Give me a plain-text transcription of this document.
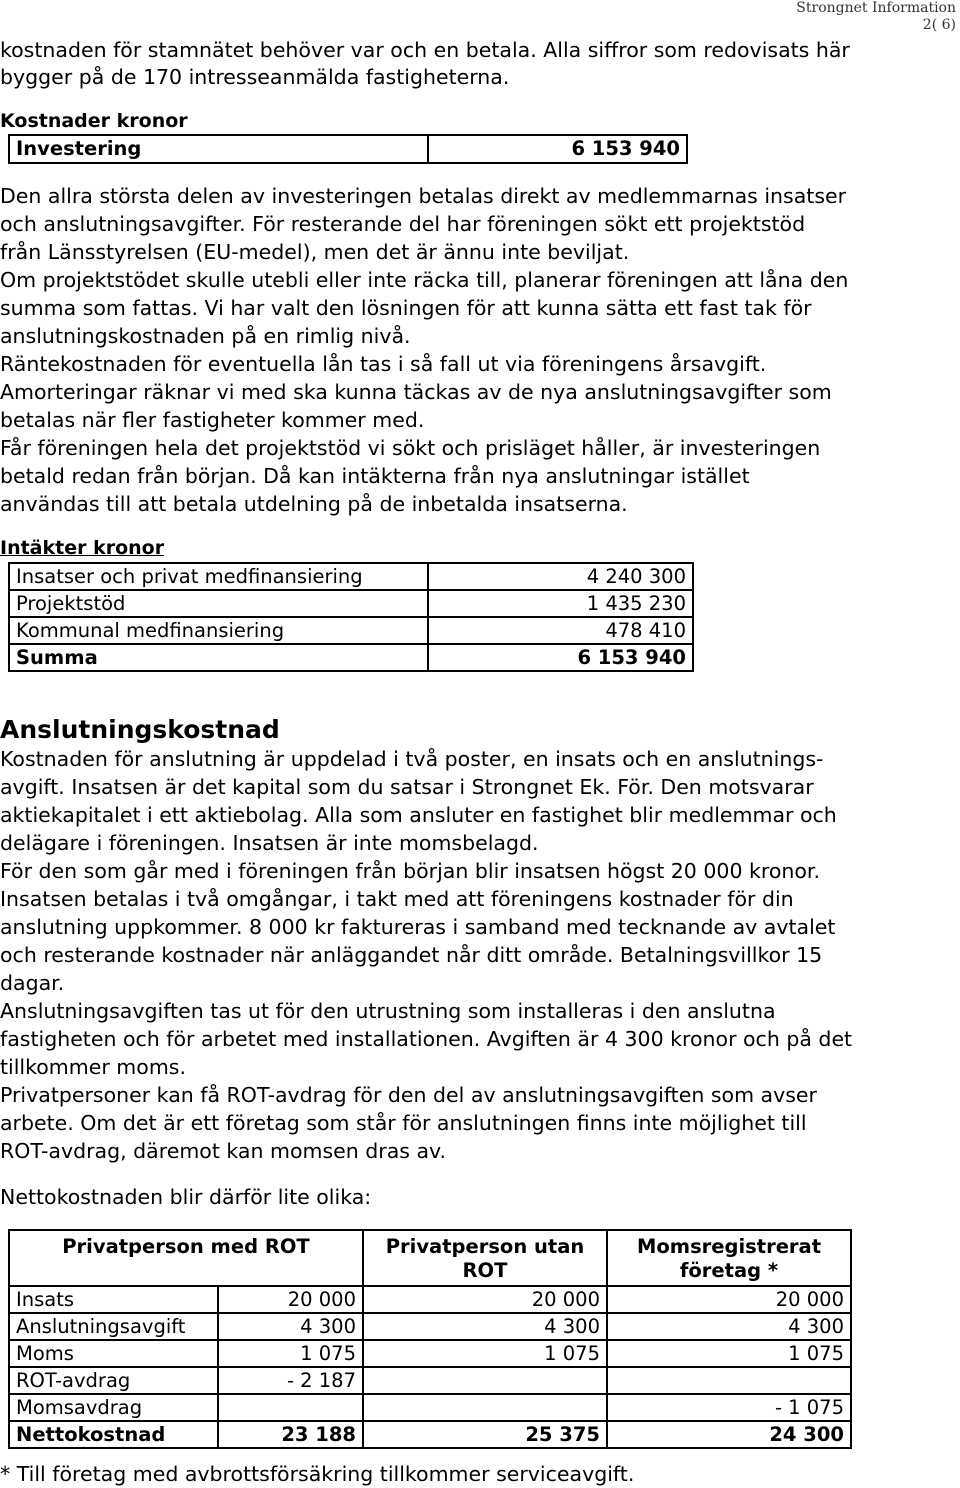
Strongnet Information
2( 6)

kostnaden för stamnätet behöver var och en betala. Alla siffror som redovisats här

bygger på de 170 intresseanmälda fastigheterna.

Kostnader kronor
Investering	6 153 940

Den allra största delen av investeringen betalas direkt av medlemmarnas insatser

och anslutningsavgifter. För resterande del har föreningen sökt ett projektstöd

från Länsstyrelsen (EU-medel), men det är ännu inte beviljat.

Om projektstödet skulle utebli eller inte räcka till, planerar föreningen att låna den

summa som fattas. Vi har valt den lösningen för att kunna sätta ett fast tak för

anslutningskostnaden på en rimlig nivå.

Räntekostnaden för eventuella lån tas i så fall ut via föreningens årsavgift.

Amorteringar räknar vi med ska kunna täckas av de nya anslutningsavgifter som

betalas när fler fastigheter kommer med.

Får föreningen hela det projektstöd vi sökt och prisläget håller, är investeringen

betald redan från början. Då kan intäkterna från nya anslutningar istället

användas till att betala utdelning på de inbetalda insatserna.

Intäkter kronor
Insatser och privat medfinansiering	4 240 300
Projektstöd	1 435 230
Kommunal medfinansiering	478 410
Summa	6 153 940
Anslutningskostnad

Kostnaden för anslutning är uppdelad i två poster, en insats och en anslutnings-

avgift. Insatsen är det kapital som du satsar i Strongnet Ek. För. Den motsvarar

aktiekapitalet i ett aktiebolag. Alla som ansluter en fastighet blir medlemmar och

delägare i föreningen. Insatsen är inte momsbelagd.

För den som går med i föreningen från början blir insatsen högst 20 000 kronor.

Insatsen betalas i två omgångar, i takt med att föreningens kostnader för din

anslutning uppkommer. 8 000 kr faktureras i samband med tecknande av avtalet

och resterande kostnader när anläggandet når ditt område. Betalningsvillkor 15

dagar.

Anslutningsavgiften tas ut för den utrustning som installeras i den anslutna

fastigheten och för arbetet med installationen. Avgiften är 4 300 kronor och på det

tillkommer moms.

Privatpersoner kan få ROT-avdrag för den del av anslutningsavgiften som avser

arbete. Om det är ett företag som står för anslutningen finns inte möjlighet till

ROT-avdrag, däremot kan momsen dras av.

Nettokostnaden blir därför lite olika:

Privatperson med ROT		Privatperson utan ROT	Momsregistrerat företag *
Insats	20 000	20 000	20 000
Anslutningsavgift	4 300	4 300	4 300
Moms	1 075	1 075	1 075
ROT-avdrag	- 2 187		
Momsavdrag			- 1 075
Nettokostnad	23 188	25 375	24 300

* Till företag med avbrottsförsäkring tillkommer serviceavgift.
